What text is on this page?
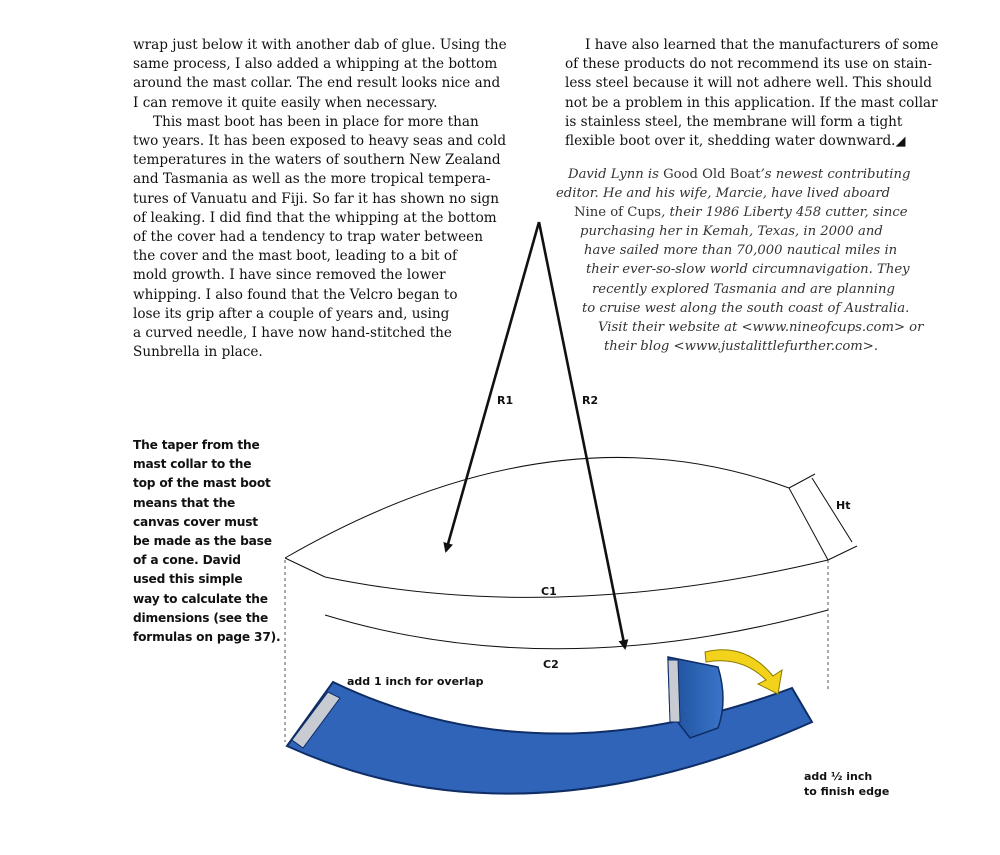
wrap just below it with another dab of glue. Using the
same process, I also added a whipping at the bottom
around the mast collar. The end result looks nice and
I can remove it quite easily when necessary.
This mast boot has been in place for more than
two years. It has been exposed to heavy seas and cold
temperatures in the waters of southern New Zealand
and Tasmania as well as the more tropical tempera-
tures of Vanuatu and Fiji. So far it has shown no sign
of leaking. I did find that the whipping at the bottom
of the cover had a tendency to trap water between
the cover and the mast boot, leading to a bit of
mold growth. I have since removed the lower
whipping. I also found that the Velcro began to
lose its grip after a couple of years and, using
a curved needle, I have now hand-stitched the
Sunbrella in place.
I have also learned that the manufacturers of some
of these products do not recommend its use on stain-
less steel because it will not adhere well. This should
not be a problem in this application. If the mast collar
is stainless steel, the membrane will form a tight
flexible boot over it, shedding water downward.◢
David Lynn is Good Old Boat’s newest contributing
editor. He and his wife, Marcie, have lived aboard
Nine of Cups, their 1986 Liberty 458 cutter, since
purchasing her in Kemah, Texas, in 2000 and
have sailed more than 70,000 nautical miles in
their ever-so-slow world circumnavigation. They
recently explored Tasmania and are planning
to cruise west along the south coast of Australia.
Visit their website at <www.nineofcups.com> or
their blog <www.justalittlefurther.com>.
The taper from the
mast collar to the
top of the mast boot
means that the
canvas cover must
be made as the base
of a cone. David
used this simple
way to calculate the
dimensions (see the
formulas on page 37).
R1	R2
Ht
C1
C2
add 1 inch for overlap
add ½ inch
to finish edge
